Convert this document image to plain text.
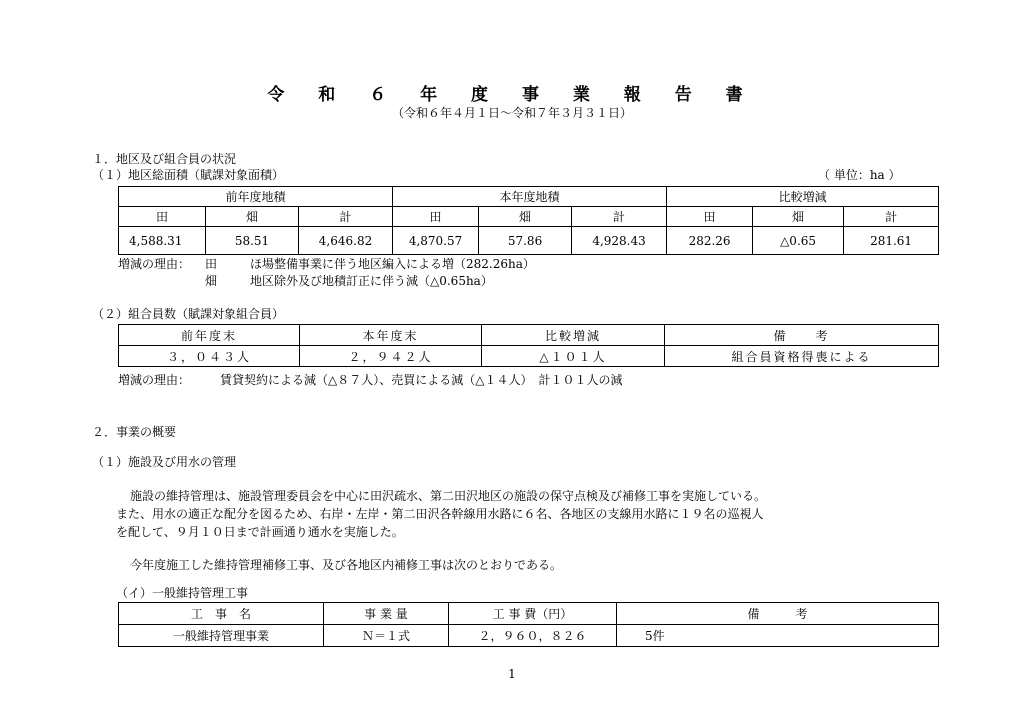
令 和 ６ 年 度 事 業 報 告 書
（令和６年４月１日～令和７年３月３１日）
１．地区及び組合員の状況
（１）地区総面積（賦課対象面積）	（ 単位：ha ）
前年度地積			本年度地積			比較増減		
田	畑	計	田	畑	計	田	畑	計
4,588.31	58.51	4,646.82	4,870.57	57.86	4,928.43	282.26	△0.65	281.61
増減の理由： 田	ほ場整備事業に伴う地区編入による増（282.26ha）
畑	地区除外及び地積訂正に伴う減（△0.65ha）
（２）組合員数（賦課対象組合員）
前年度末	本年度末	比較増減	備　　考
３，０４３人	２，９４２人	△１０１人	組合員資格得喪による
増減の理由： 賃貸契約による減（△８７人）、売買による減（△１４人）　計１０１人の減
２．事業の概要
（１）施設及び用水の管理
施設の維持管理は、施設管理委員会を中心に田沢疏水、第二田沢地区の施設の保守点検及び補修工事を実施している。
また、用水の適正な配分を図るため、右岸・左岸・第二田沢各幹線用水路に６名、各地区の支線用水路に１９名の巡視人
を配して、９月１０日まで計画通り通水を実施した。
今年度施工した維持管理補修工事、及び各地区内補修工事は次のとおりである。
（イ）一般維持管理工事
工　事　名	事 業 量	工 事 費（円）	備　　　考
一般維持管理事業	Ｎ＝１式	２，９６０，８２６	5件
1
